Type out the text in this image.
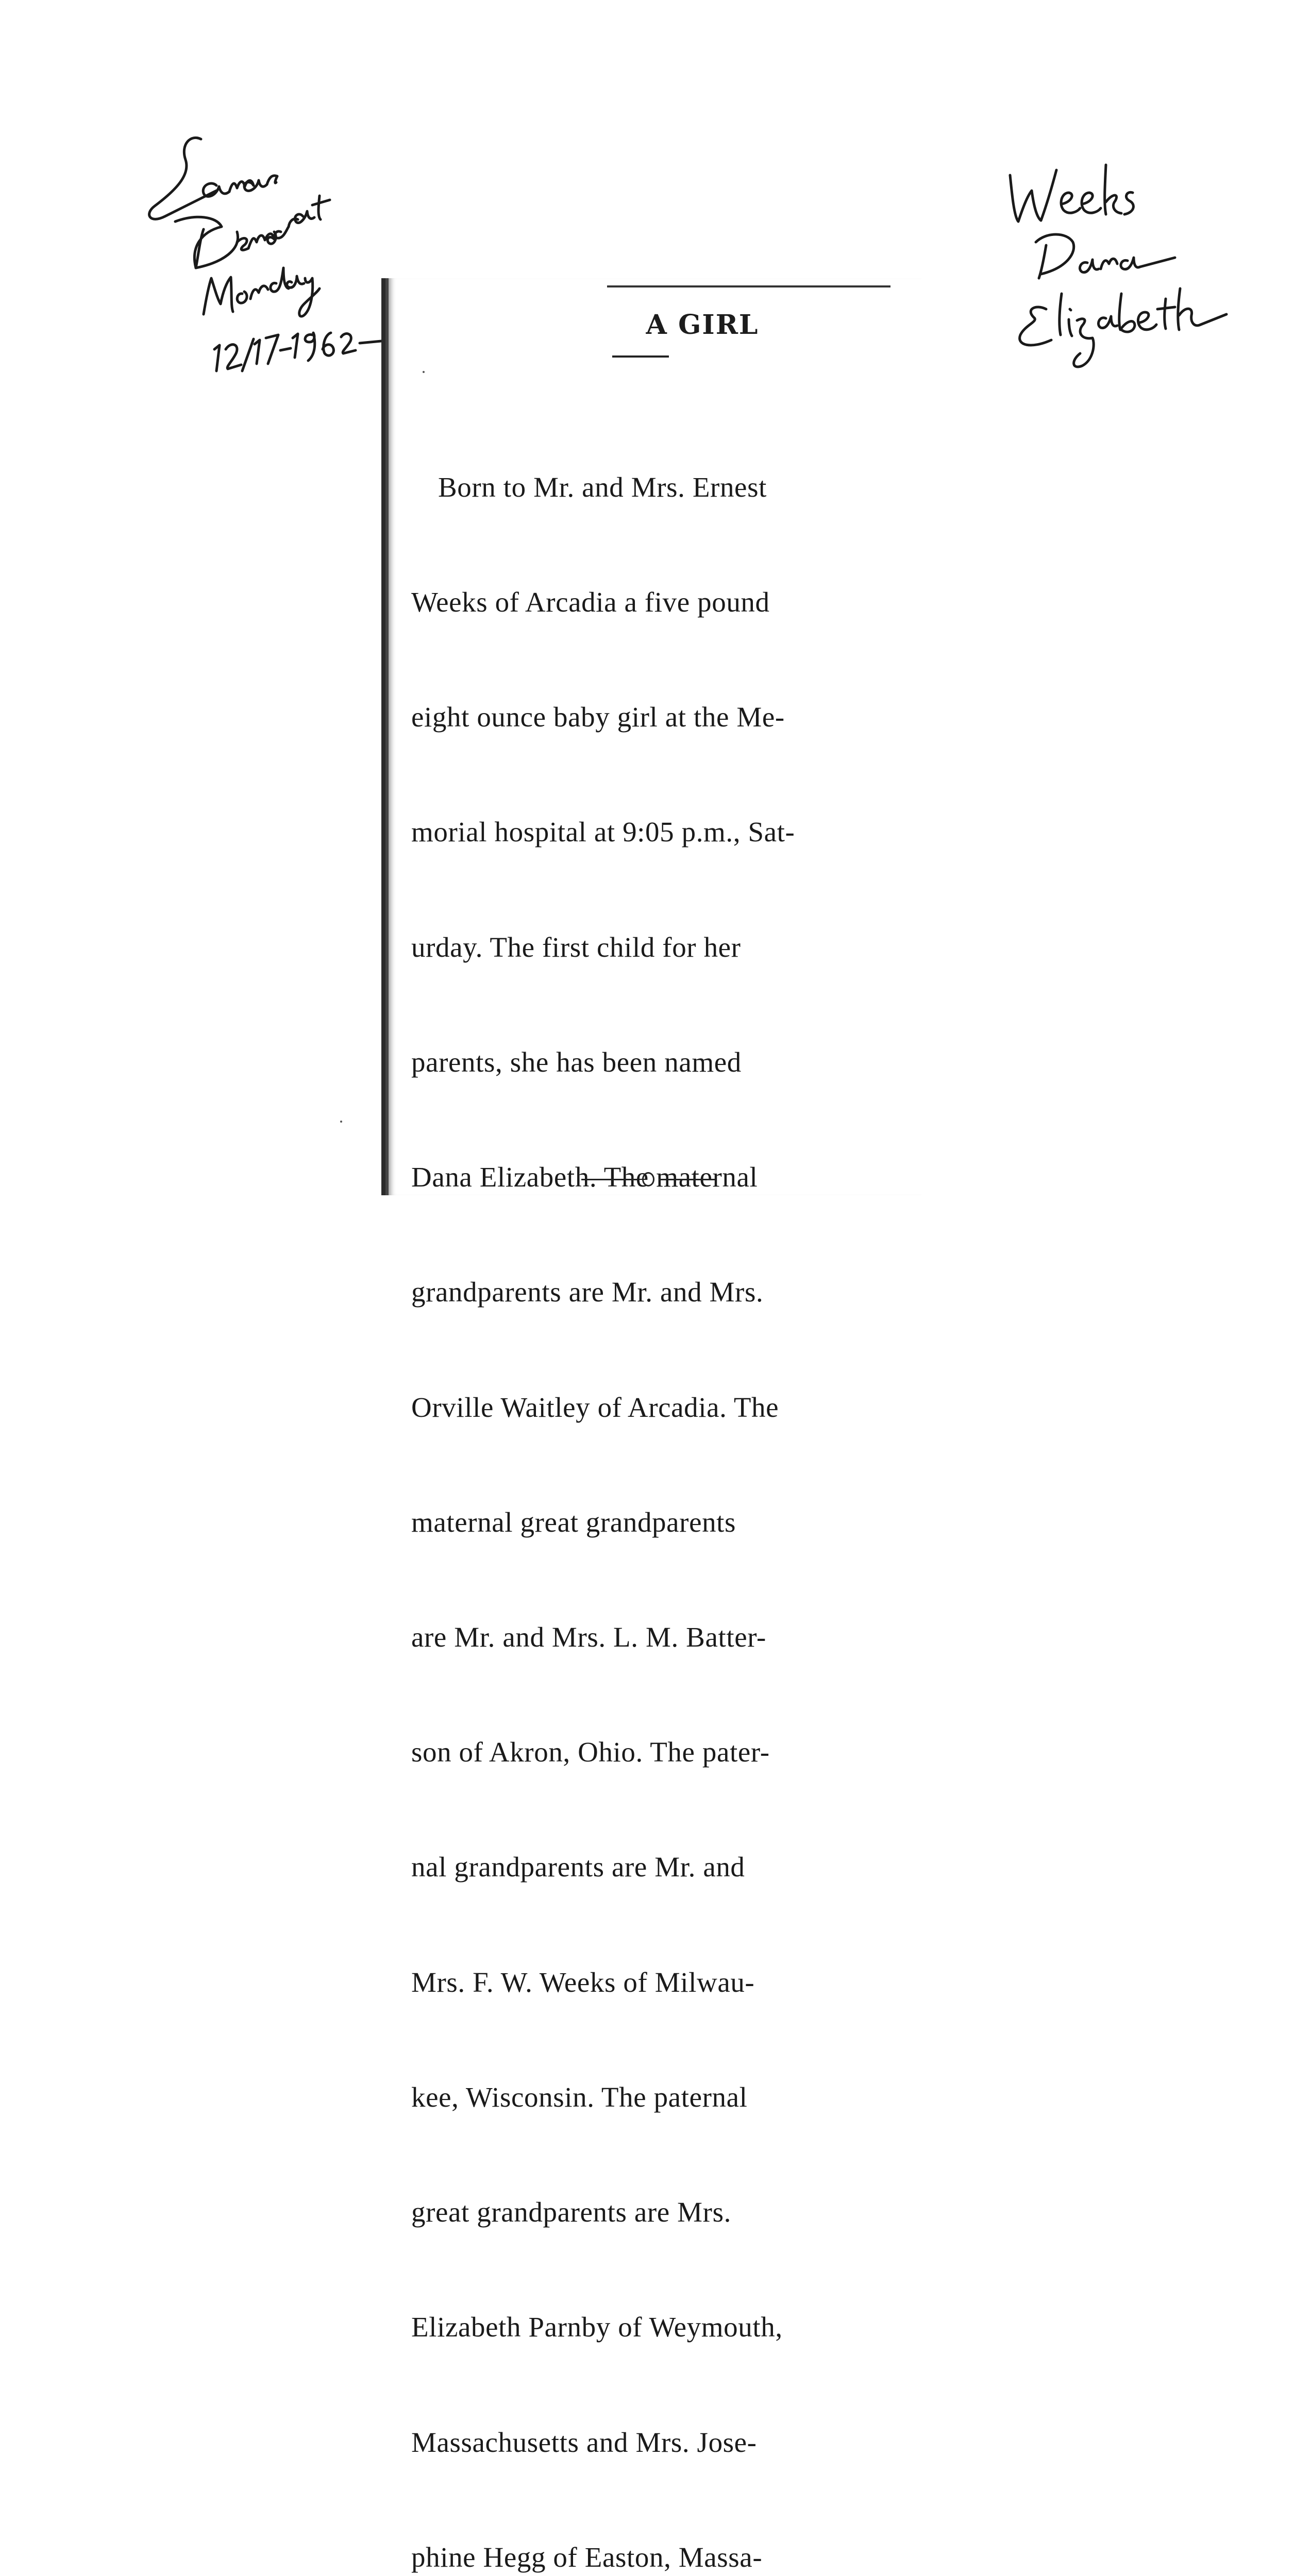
A GIRL

Born to Mr. and Mrs. Ernest

Weeks of Arcadia a five pound

eight ounce baby girl at the Me-

morial hospital at 9:05 p.m., Sat-

urday. The first child for her

parents, she has been named

Dana Elizabeth. The maternal

grandparents are Mr. and Mrs.

Orville Waitley of Arcadia. The

maternal great grandparents

are Mr. and Mrs. L. M. Batter-

son of Akron, Ohio. The pater-

nal grandparents are Mr. and

Mrs. F. W. Weeks of Milwau-

kee, Wisconsin. The paternal

great grandparents are Mrs.

Elizabeth Parnby of Weymouth,

Massachusetts and Mrs. Jose-

phine Hegg of Easton, Massa-
